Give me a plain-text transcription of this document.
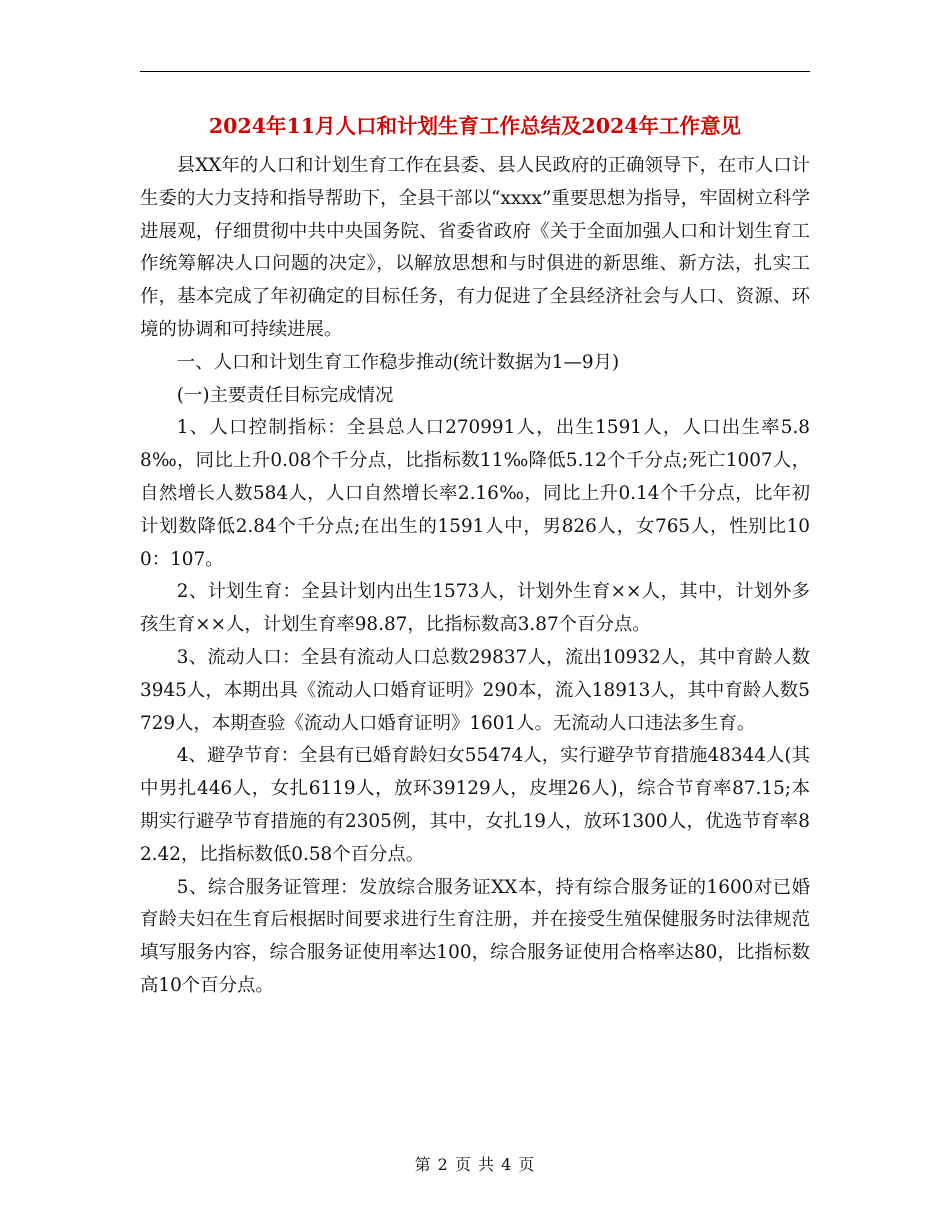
2024年11月人口和计划生育工作总结及2024年工作意见

县XX年的人口和计划生育工作在县委、县人民政府的正确领导下，在市人口计生委的大力支持和指导帮助下，全县干部以“xxxx”重要思想为指导，牢固树立科学进展观，仔细贯彻中共中央国务院、省委省政府《关于全面加强人口和计划生育工作统筹解决人口问题的决定》，以解放思想和与时俱进的新思维、新方法，扎实工作，基本完成了年初确定的目标任务，有力促进了全县经济社会与人口、资源、环境的协调和可持续进展。

一、人口和计划生育工作稳步推动(统计数据为1—9月)

(一)主要责任目标完成情况

1、人口控制指标：全县总人口270991人，出生1591人，人口出生率5.88‰，同比上升0.08个千分点，比指标数11‰降低5.12个千分点;死亡1007人，自然增长人数584人，人口自然增长率2.16‰，同比上升0.14个千分点，比年初计划数降低2.84个千分点;在出生的1591人中，男826人，女765人，性别比100：107。

2、计划生育：全县计划内出生1573人，计划外生育××人，其中，计划外多孩生育××人，计划生育率98.87，比指标数高3.87个百分点。

3、流动人口：全县有流动人口总数29837人，流出10932人，其中育龄人数3945人，本期出具《流动人口婚育证明》290本，流入18913人，其中育龄人数5729人，本期查验《流动人口婚育证明》1601人。无流动人口违法多生育。

4、避孕节育：全县有已婚育龄妇女55474人，实行避孕节育措施48344人(其中男扎446人，女扎6119人，放环39129人，皮埋26人)，综合节育率87.15;本期实行避孕节育措施的有2305例，其中，女扎19人，放环1300人，优选节育率82.42，比指标数低0.58个百分点。

5、综合服务证管理：发放综合服务证XX本，持有综合服务证的1600对已婚育龄夫妇在生育后根据时间要求进行生育注册，并在接受生殖保健服务时法律规范填写服务内容，综合服务证使用率达100，综合服务证使用合格率达80，比指标数高10个百分点。

第 2 页 共 4 页
